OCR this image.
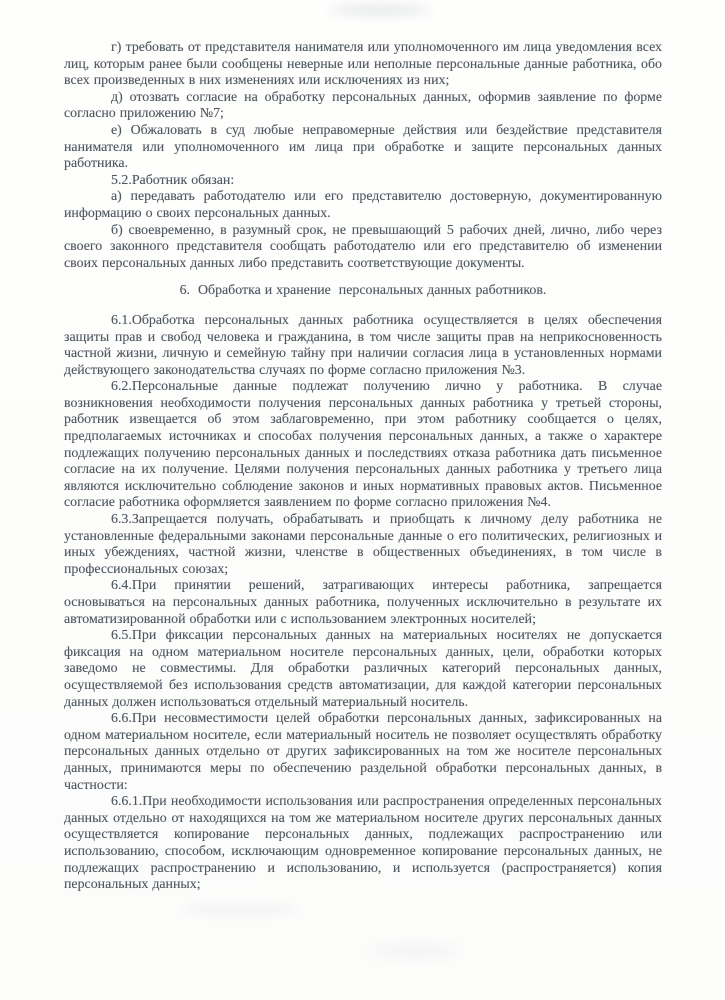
г) требовать от представителя нанимателя или уполномоченного им лица уведомления всех лиц, которым ранее были сообщены неверные или неполные персональные данные работника, обо всех произведенных в них изменениях или исключениях из них;

д) отозвать согласие на обработку персональных данных, оформив заявление по форме согласно приложению №7;

е) Обжаловать в суд любые неправомерные действия или бездействие представителя нанимателя или уполномоченного им лица при обработке и защите персональных данных работника.

5.2.Работник обязан:

а) передавать работодателю или его представителю достоверную, документированную информацию о своих персональных данных.

б) своевременно, в разумный срок, не превышающий 5 рабочих дней, лично, либо через своего законного представителя сообщать работодателю или его представителю об изменении своих персональных данных либо представить соответствующие документы.

6.  Обработка и хранение  персональных данных работников.

6.1.Обработка персональных данных работника осуществляется в целях обеспечения защиты прав и свобод человека и гражданина, в том числе защиты прав на неприкосновенность частной жизни, личную и семейную тайну при наличии согласия лица в установленных нормами действующего законодательства случаях по форме согласно приложения №3.

6.2.Персональные данные подлежат получению лично у работника. В случае возникновения необходимости получения персональных данных работника у третьей стороны, работник извещается об этом заблаговременно, при этом работнику сообщается о целях, предполагаемых источниках и способах получения персональных данных, а также о характере подлежащих получению персональных данных и последствиях отказа работника дать письменное согласие на их получение. Целями получения персональных данных работника у третьего лица являются исключительно соблюдение законов и иных нормативных правовых актов. Письменное согласие работника оформляется заявлением по форме согласно приложения №4.

6.3.Запрещается получать, обрабатывать и приобщать к личному делу работника не установленные федеральными законами персональные данные о его политических, религиозных и иных убеждениях, частной жизни, членстве в общественных объединениях, в том числе в профессиональных союзах;

6.4.При принятии решений, затрагивающих интересы работника, запрещается основываться на персональных данных работника, полученных исключительно в результате их автоматизированной обработки или с использованием электронных носителей;

6.5.При фиксации персональных данных на материальных носителях не допускается фиксация на одном материальном носителе персональных данных, цели, обработки которых заведомо не совместимы. Для обработки различных категорий персональных данных, осуществляемой без использования средств автоматизации, для каждой категории персональных данных должен использоваться отдельный материальный носитель.

6.6.При несовместимости целей обработки персональных данных, зафиксированных на одном материальном носителе, если материальный носитель не позволяет осуществлять обработку персональных данных отдельно от других зафиксированных на том же носителе персональных данных, принимаются меры по обеспечению раздельной обработки персональных данных, в частности:

6.6.1.При необходимости использования или распространения определенных персональных данных отдельно от находящихся на том же материальном носителе других персональных данных осуществляется копирование персональных данных, подлежащих распространению или использованию, способом, исключающим одновременное копирование персональных данных, не подлежащих распространению и использованию, и используется (распространяется) копия персональных данных;
